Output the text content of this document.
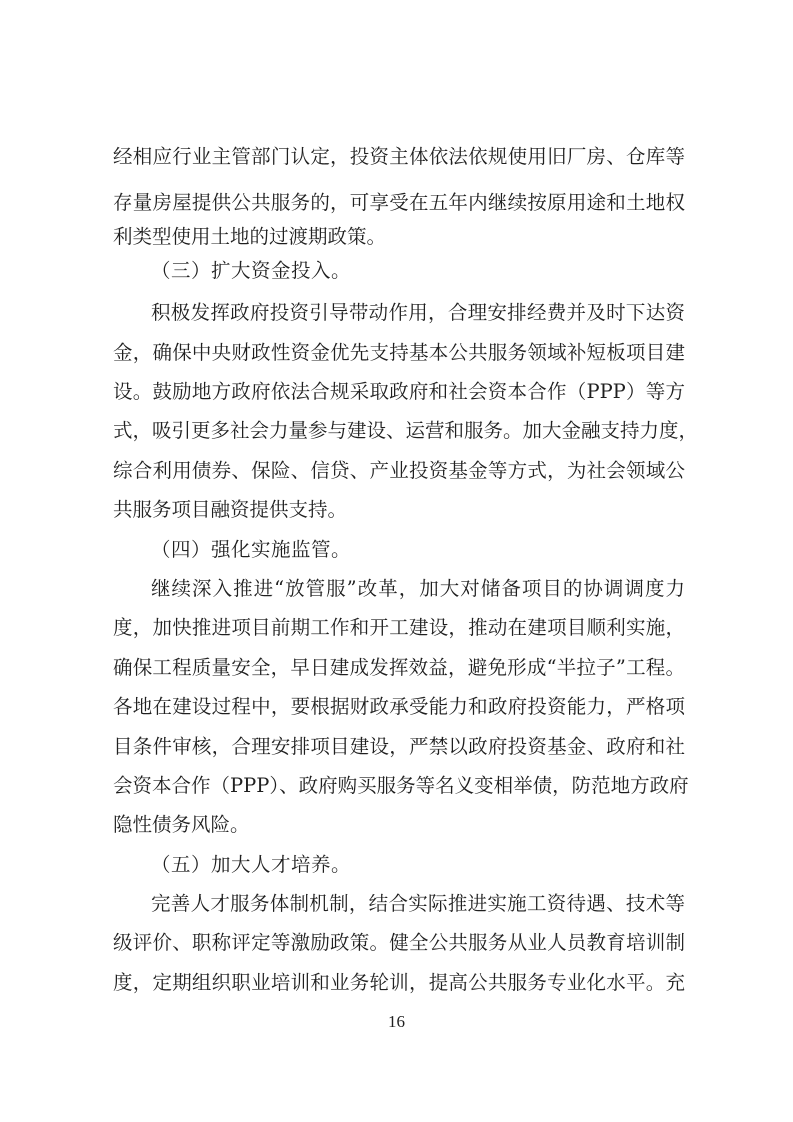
经相应行业主管部门认定，投资主体依法依规使用旧厂房、仓库等
存量房屋提供公共服务的，可享受在五年内继续按原用途和土地权
利类型使用土地的过渡期政策。
（三）扩大资金投入。
积极发挥政府投资引导带动作用，合理安排经费并及时下达资
金，确保中央财政性资金优先支持基本公共服务领域补短板项目建
设。鼓励地方政府依法合规采取政府和社会资本合作（PPP）等方
式，吸引更多社会力量参与建设、运营和服务。加大金融支持力度，
综合利用债券、保险、信贷、产业投资基金等方式，为社会领域公
共服务项目融资提供支持。
（四）强化实施监管。
继续深入推进“放管服”改革，加大对储备项目的协调调度力
度，加快推进项目前期工作和开工建设，推动在建项目顺利实施，
确保工程质量安全，早日建成发挥效益，避免形成“半拉子”工程。
各地在建设过程中，要根据财政承受能力和政府投资能力，严格项
目条件审核，合理安排项目建设，严禁以政府投资基金、政府和社
会资本合作（PPP）、政府购买服务等名义变相举债，防范地方政府
隐性债务风险。
（五）加大人才培养。
完善人才服务体制机制，结合实际推进实施工资待遇、技术等
级评价、职称评定等激励政策。健全公共服务从业人员教育培训制
度，定期组织职业培训和业务轮训，提高公共服务专业化水平。充
16
